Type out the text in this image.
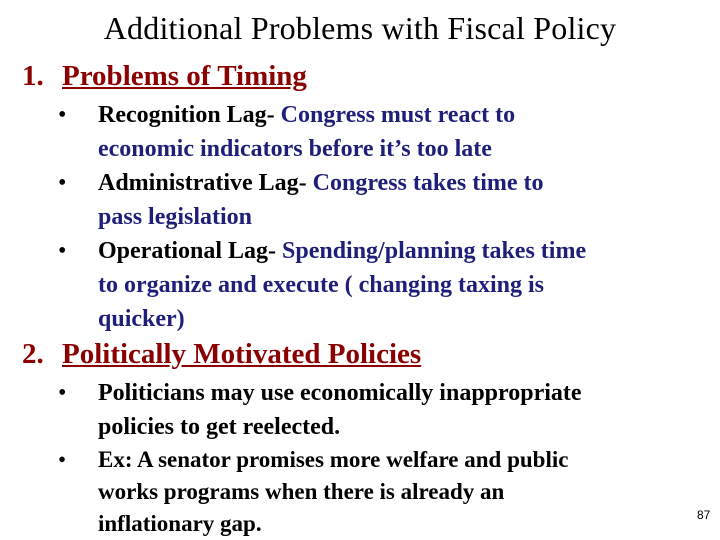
Additional Problems with Fiscal Policy
1. Problems of Timing
• Recognition Lag- Congress must react to
economic indicators before it’s too late
• Administrative Lag- Congress takes time to
pass legislation
• Operational Lag- Spending/planning takes time
to organize and execute ( changing taxing is
quicker)
2. Politically Motivated Policies
• Politicians may use economically inappropriate
policies to get reelected.
• Ex: A senator promises more welfare and public
works programs when there is already an
inflationary gap.	87
